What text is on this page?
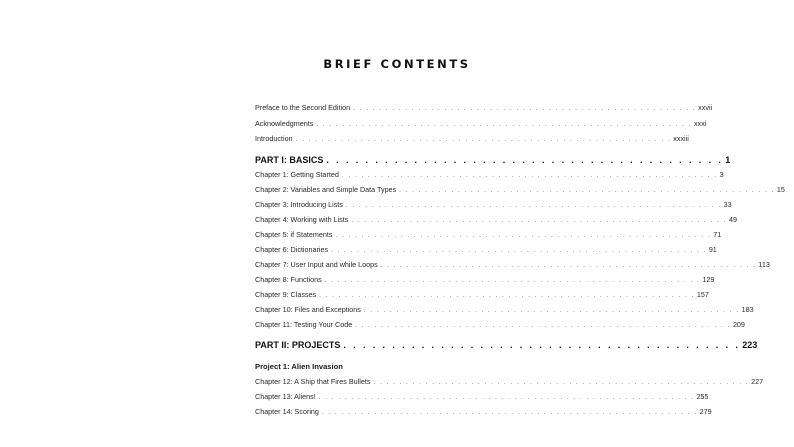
BRIEF CONTENTS
Preface to the Second Edition . . . . . . . . . . . . . . . . . . . . . . . . . . . . . . . . . . . . . . . . . . . . . . . . . . . . . xxvii
Acknowledgments . . . . . . . . . . . . . . . . . . . . . . . . . . . . . . . . . . . . . . . . . . . . . . . . . . . . . . . . . . xxxi
Introduction . . . . . . . . . . . . . . . . . . . . . . . . . . . . . . . . . . . . . . . . . . . . . . . . . . . . . . . . . . xxxiii
PART I: BASICS . . . . . . . . . . . . . . . . . . . . . . . . . . . . . . . . . . . . . . . . . 1
Chapter 1: Getting Started . . . . . . . . . . . . . . . . . . . . . . . . . . . . . . . . . . . . . . . . . . . . . . . . . . . . . . . . . . 3
Chapter 2: Variables and Simple Data Types . . . . . . . . . . . . . . . . . . . . . . . . . . . . . . . . . . . . . . . . . . . . . . . . . . . . . . . . . . 15
Chapter 3: Introducing Lists . . . . . . . . . . . . . . . . . . . . . . . . . . . . . . . . . . . . . . . . . . . . . . . . . . . . . . . . . . 33
Chapter 4: Working with Lists . . . . . . . . . . . . . . . . . . . . . . . . . . . . . . . . . . . . . . . . . . . . . . . . . . . . . . . . . . 49
Chapter 5: if Statements . . . . . . . . . . . . . . . . . . . . . . . . . . . . . . . . . . . . . . . . . . . . . . . . . . . . . . . . . . 71
Chapter 6: Dictionaries . . . . . . . . . . . . . . . . . . . . . . . . . . . . . . . . . . . . . . . . . . . . . . . . . . . . . . . . . . 91
Chapter 7: User Input and while Loops . . . . . . . . . . . . . . . . . . . . . . . . . . . . . . . . . . . . . . . . . . . . . . . . . . . . . . . . . . 113
Chapter 8: Functions . . . . . . . . . . . . . . . . . . . . . . . . . . . . . . . . . . . . . . . . . . . . . . . . . . . . . . . . . . 129
Chapter 9: Classes . . . . . . . . . . . . . . . . . . . . . . . . . . . . . . . . . . . . . . . . . . . . . . . . . . . . . . . . . . 157
Chapter 10: Files and Exceptions . . . . . . . . . . . . . . . . . . . . . . . . . . . . . . . . . . . . . . . . . . . . . . . . . . . . . . . . . . 183
Chapter 11: Testing Your Code . . . . . . . . . . . . . . . . . . . . . . . . . . . . . . . . . . . . . . . . . . . . . . . . . . . . . . . . . . 209
PART II: PROJECTS . . . . . . . . . . . . . . . . . . . . . . . . . . . . . . . . . . . . . . . . . 223
Project 1: Alien Invasion
Chapter 12: A Ship that Fires Bullets . . . . . . . . . . . . . . . . . . . . . . . . . . . . . . . . . . . . . . . . . . . . . . . . . . . . . . . . . . 227
Chapter 13: Aliens! . . . . . . . . . . . . . . . . . . . . . . . . . . . . . . . . . . . . . . . . . . . . . . . . . . . . . . . . . . 255
Chapter 14: Scoring . . . . . . . . . . . . . . . . . . . . . . . . . . . . . . . . . . . . . . . . . . . . . . . . . . . . . . . . . . 279
